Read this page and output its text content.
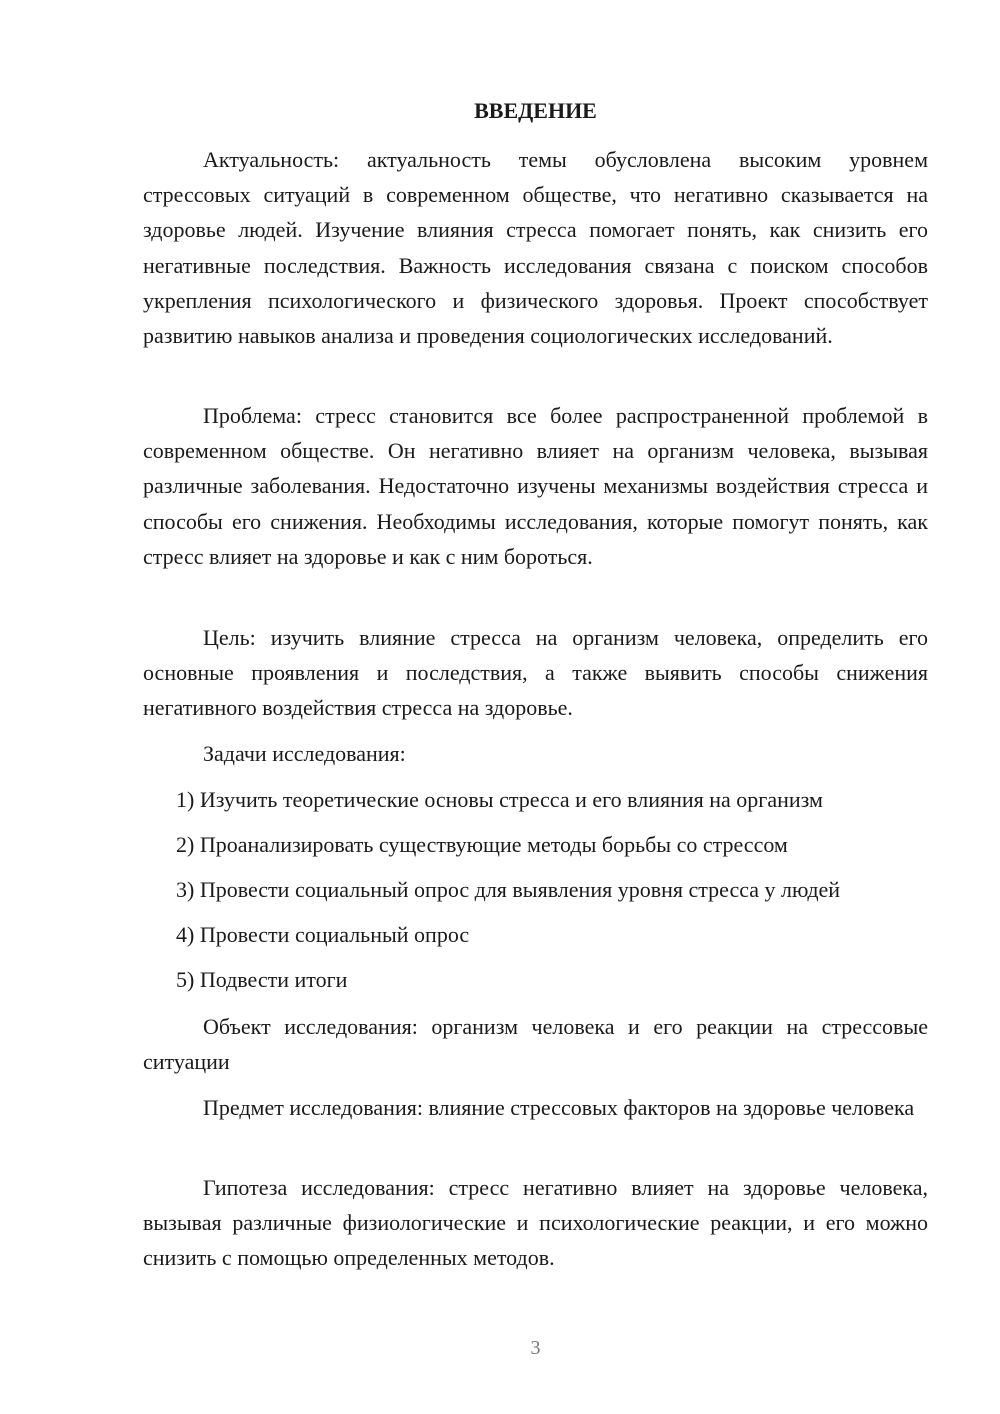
ВВЕДЕНИЕ

Актуальность: актуальность темы обусловлена высоким уровнем стрессовых ситуаций в современном обществе, что негативно сказывается на здоровье людей. Изучение влияния стресса помогает понять, как снизить его негативные последствия. Важность исследования связана с поиском способов укрепления психологического и физического здоровья. Проект способствует развитию навыков анализа и проведения социологических исследований.

Проблема: стресс становится все более распространенной проблемой в современном обществе. Он негативно влияет на организм человека, вызывая различные заболевания. Недостаточно изучены механизмы воздействия стресса и способы его снижения. Необходимы исследования, которые помогут понять, как стресс влияет на здоровье и как с ним бороться.

Цель: изучить влияние стресса на организм человека, определить его основные проявления и последствия, а также выявить способы снижения негативного воздействия стресса на здоровье.

Задачи исследования:

1) Изучить теоретические основы стресса и его влияния на организм

2) Проанализировать существующие методы борьбы со стрессом

3) Провести социальный опрос для выявления уровня стресса у людей

4) Провести социальный опрос

5) Подвести итоги

Объект исследования: организм человека и его реакции на стрессовые ситуации

Предмет исследования: влияние стрессовых факторов на здоровье человека

Гипотеза исследования: стресс негативно влияет на здоровье человека, вызывая различные физиологические и психологические реакции, и его можно снизить с помощью определенных методов.

3
